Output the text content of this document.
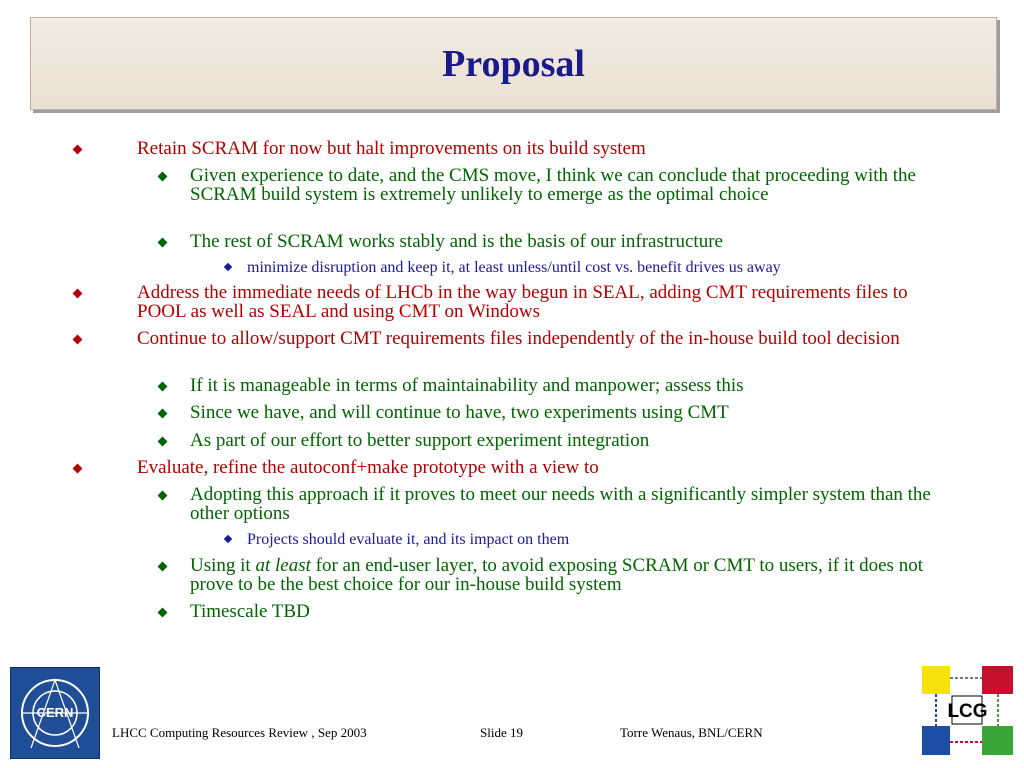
Proposal
Retain SCRAM for now but halt improvements on its build system
Given experience to date, and the CMS move, I think we can conclude that proceeding with the SCRAM build system is extremely unlikely to emerge as the optimal choice
The rest of SCRAM works stably and is the basis of our infrastructure
minimize disruption and keep it, at least unless/until cost vs. benefit drives us away
Address the immediate needs of LHCb in the way begun in SEAL, adding CMT requirements files to POOL as well as SEAL and using CMT on Windows
Continue to allow/support CMT requirements files independently of the in-house build tool decision
If it is manageable in terms of maintainability and manpower; assess this
Since we have, and will continue to have, two experiments using CMT
As part of our effort to better support experiment integration
Evaluate, refine the autoconf+make prototype with a view to
Adopting this approach if it proves to meet our needs with a significantly simpler system than the other options
Projects should evaluate it, and its impact on them
Using it at least for an end-user layer, to avoid exposing SCRAM or CMT to users, if it does not prove to be the best choice for our in-house build system
Timescale TBD
CERN
LHCC Computing Resources Review , Sep 2003	Slide 19	Torre Wenaus, BNL/CERN
LCG
